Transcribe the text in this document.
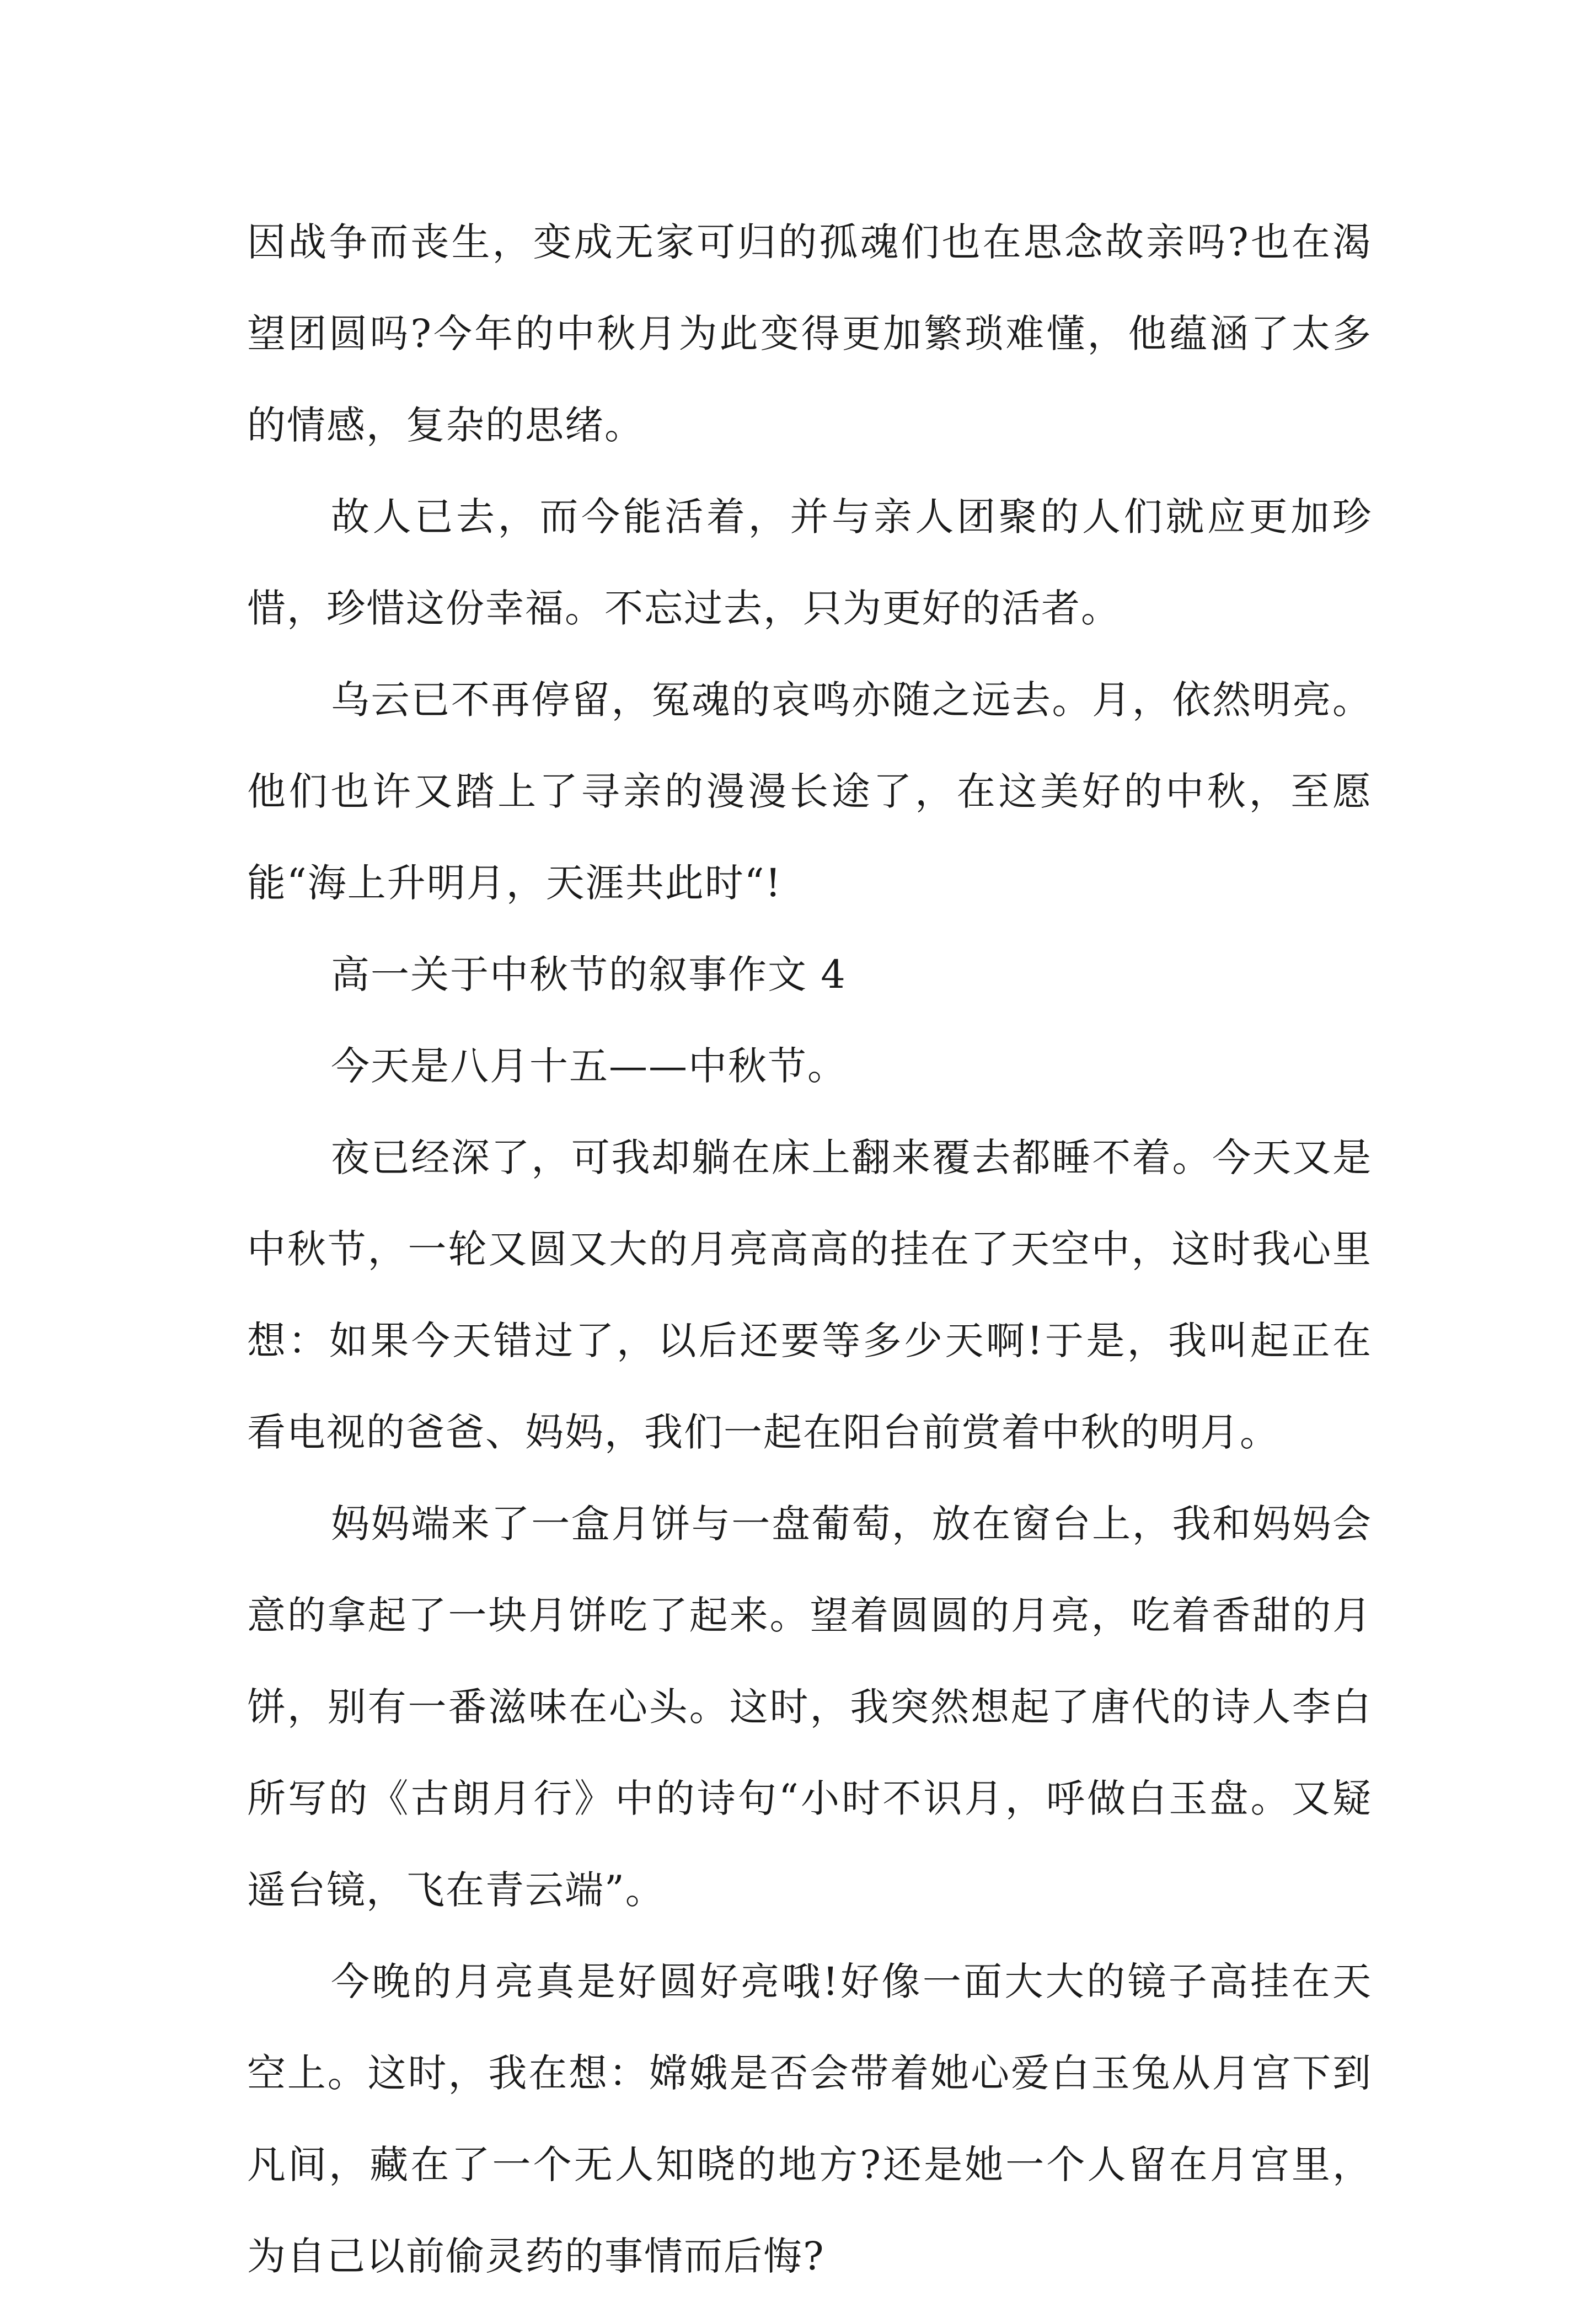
因战争而丧生，变成无家可归的孤魂们也在思念故亲吗?也在渴望团圆吗?今年的中秋月为此变得更加繁琐难懂，他蕴涵了太多的情感，复杂的思绪。

故人已去，而今能活着，并与亲人团聚的人们就应更加珍惜，珍惜这份幸福。不忘过去，只为更好的活者。

乌云已不再停留，冤魂的哀鸣亦随之远去。月，依然明亮。他们也许又踏上了寻亲的漫漫长途了，在这美好的中秋，至愿能“海上升明月，天涯共此时“!

高一关于中秋节的叙事作文 4

今天是八月十五——中秋节。

夜已经深了，可我却躺在床上翻来覆去都睡不着。今天又是中秋节，一轮又圆又大的月亮高高的挂在了天空中，这时我心里想：如果今天错过了，以后还要等多少天啊!于是，我叫起正在看电视的爸爸、妈妈，我们一起在阳台前赏着中秋的明月。

妈妈端来了一盒月饼与一盘葡萄，放在窗台上，我和妈妈会意的拿起了一块月饼吃了起来。望着圆圆的月亮，吃着香甜的月饼，别有一番滋味在心头。这时，我突然想起了唐代的诗人李白所写的《古朗月行》中的诗句“小时不识月，呼做白玉盘。又疑遥台镜，飞在青云端”。

今晚的月亮真是好圆好亮哦!好像一面大大的镜子高挂在天空上。这时，我在想：嫦娥是否会带着她心爱白玉兔从月宫下到凡间，藏在了一个无人知晓的地方?还是她一个人留在月宫里，为自己以前偷灵药的事情而后悔?
